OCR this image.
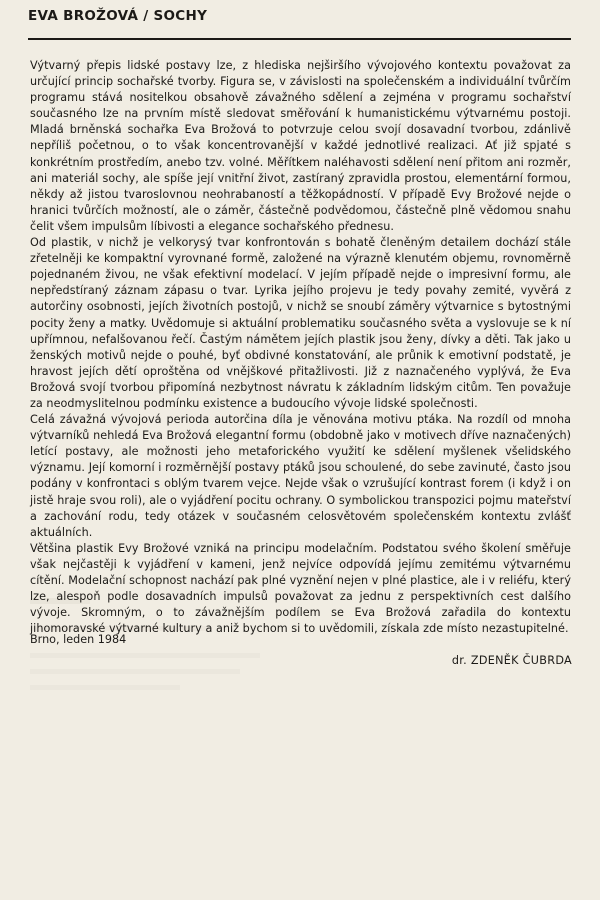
EVA BROŽOVÁ / SOCHY

Výtvarný přepis lidské postavy lze, z hlediska nejširšího vývojového kontextu považovat za určující princip sochařské tvorby. Figura se, v závislosti na společenském a individuální tvůrčím programu stává nositelkou obsahově závažného sdělení a zejména v programu sochařství současného lze na prvním místě sledovat směřování k humanistickému výtvarnému postoji. Mladá brněnská sochařka Eva Brožová to potvrzuje celou svojí dosavadní tvorbou, zdánlivě nepříliš početnou, o to však koncentrovanější v každé jednotlivé realizaci. Ať již spjaté s konkrétním prostředím, anebo tzv. volné. Měřítkem naléhavosti sdělení není přitom ani rozměr, ani materiál sochy, ale spíše její vnitřní život, zastíraný zpravidla prostou, elementární formou, někdy až jistou tvaroslovnou neohrabaností a těžkopádností. V případě Evy Brožové nejde o hranici tvůrčích možností, ale o záměr, částečně podvědomou, částečně plně vědomou snahu čelit všem impulsům líbivosti a elegance sochařského přednesu.

Od plastik, v nichž je velkorysý tvar konfrontován s bohatě členěným detailem dochází stále zřetelněji ke kompaktní vyrovnané formě, založené na výrazně klenutém objemu, rovnoměrně pojednaném živou, ne však efektivní modelací. V jejím případě nejde o impresivní formu, ale nepředstíraný záznam zápasu o tvar. Lyrika jejího projevu je tedy povahy zemité, vyvěrá z autorčiny osobnosti, jejích životních postojů, v nichž se snoubí záměry výtvarnice s bytostnými pocity ženy a matky. Uvědomuje si aktuální problematiku současného světa a vyslovuje se k ní upřímnou, nefalšovanou řečí. Častým námětem jejích plastik jsou ženy, dívky a děti. Tak jako u ženských motivů nejde o pouhé, byť obdivné konstatování, ale průnik k emotivní podstatě, je hravost jejích dětí oproštěna od vnějškové přitažlivosti. Již z naznačeného vyplývá, že Eva Brožová svojí tvorbou připomíná nezbytnost návratu k základním lidským citům. Ten považuje za neodmyslitelnou podmínku existence a budoucího vývoje lidské společnosti.

Celá závažná vývojová perioda autorčina díla je věnována motivu ptáka. Na rozdíl od mnoha výtvarníků nehledá Eva Brožová elegantní formu (obdobně jako v motivech dříve naznačených) letící postavy, ale možnosti jeho metaforického využití ke sdělení myšlenek všelidského významu. Její komorní i rozměrnější postavy ptáků jsou schoulené, do sebe zavinuté, často jsou podány v konfrontaci s oblým tvarem vejce. Nejde však o vzrušující kontrast forem (i když i on jistě hraje svou roli), ale o vyjádření pocitu ochrany. O symbolickou transpozici pojmu mateřství a zachování rodu, tedy otázek v současném celosvětovém společenském kontextu zvlášť aktuálních.

Většina plastik Evy Brožové vzniká na principu modelačním. Podstatou svého školení směřuje však nejčastěji k vyjádření v kameni, jenž nejvíce odpovídá jejímu zemitému výtvarnému cítění. Modelační schopnost nachází pak plné vyznění nejen v plné plastice, ale i v reliéfu, který lze, alespoň podle dosavadních impulsů považovat za jednu z perspektivních cest dalšího vývoje. Skromným, o to závažnějším podílem se Eva Brožová zařadila do kontextu jihomoravské výtvarné kultury a aniž bychom si to uvědomili, získala zde místo nezastupitelné.

Brno, leden 1984
dr. ZDENĚK ČUBRDA
